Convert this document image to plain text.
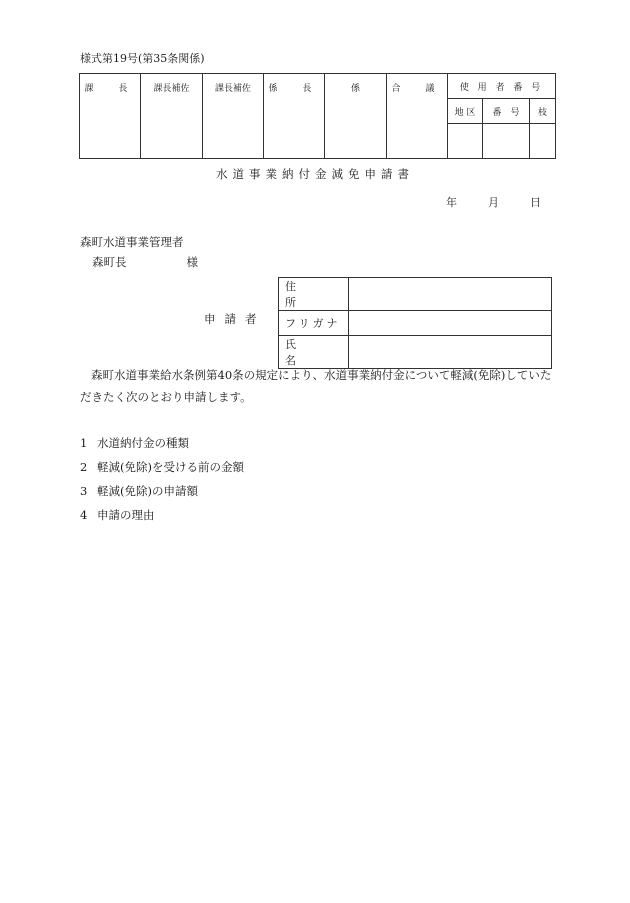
様式第19号(第35条関係)
課　長	課長補佐	課長補佐	係　長	係	合　議	使 用 者 番 号		
						地 区	番　号	枝

水道事業納付金減免申請書
年	月	日
森町水道事業管理者
森町長	様
申請者
住所	
フリガナ	
氏名	
森町水道事業給水条例第40条の規定により、水道事業納付金について軽減(免除)していただきたく次のとおり申請します。
1 水道納付金の種類
2 軽減(免除)を受ける前の金額
3 軽減(免除)の申請額
4 申請の理由
